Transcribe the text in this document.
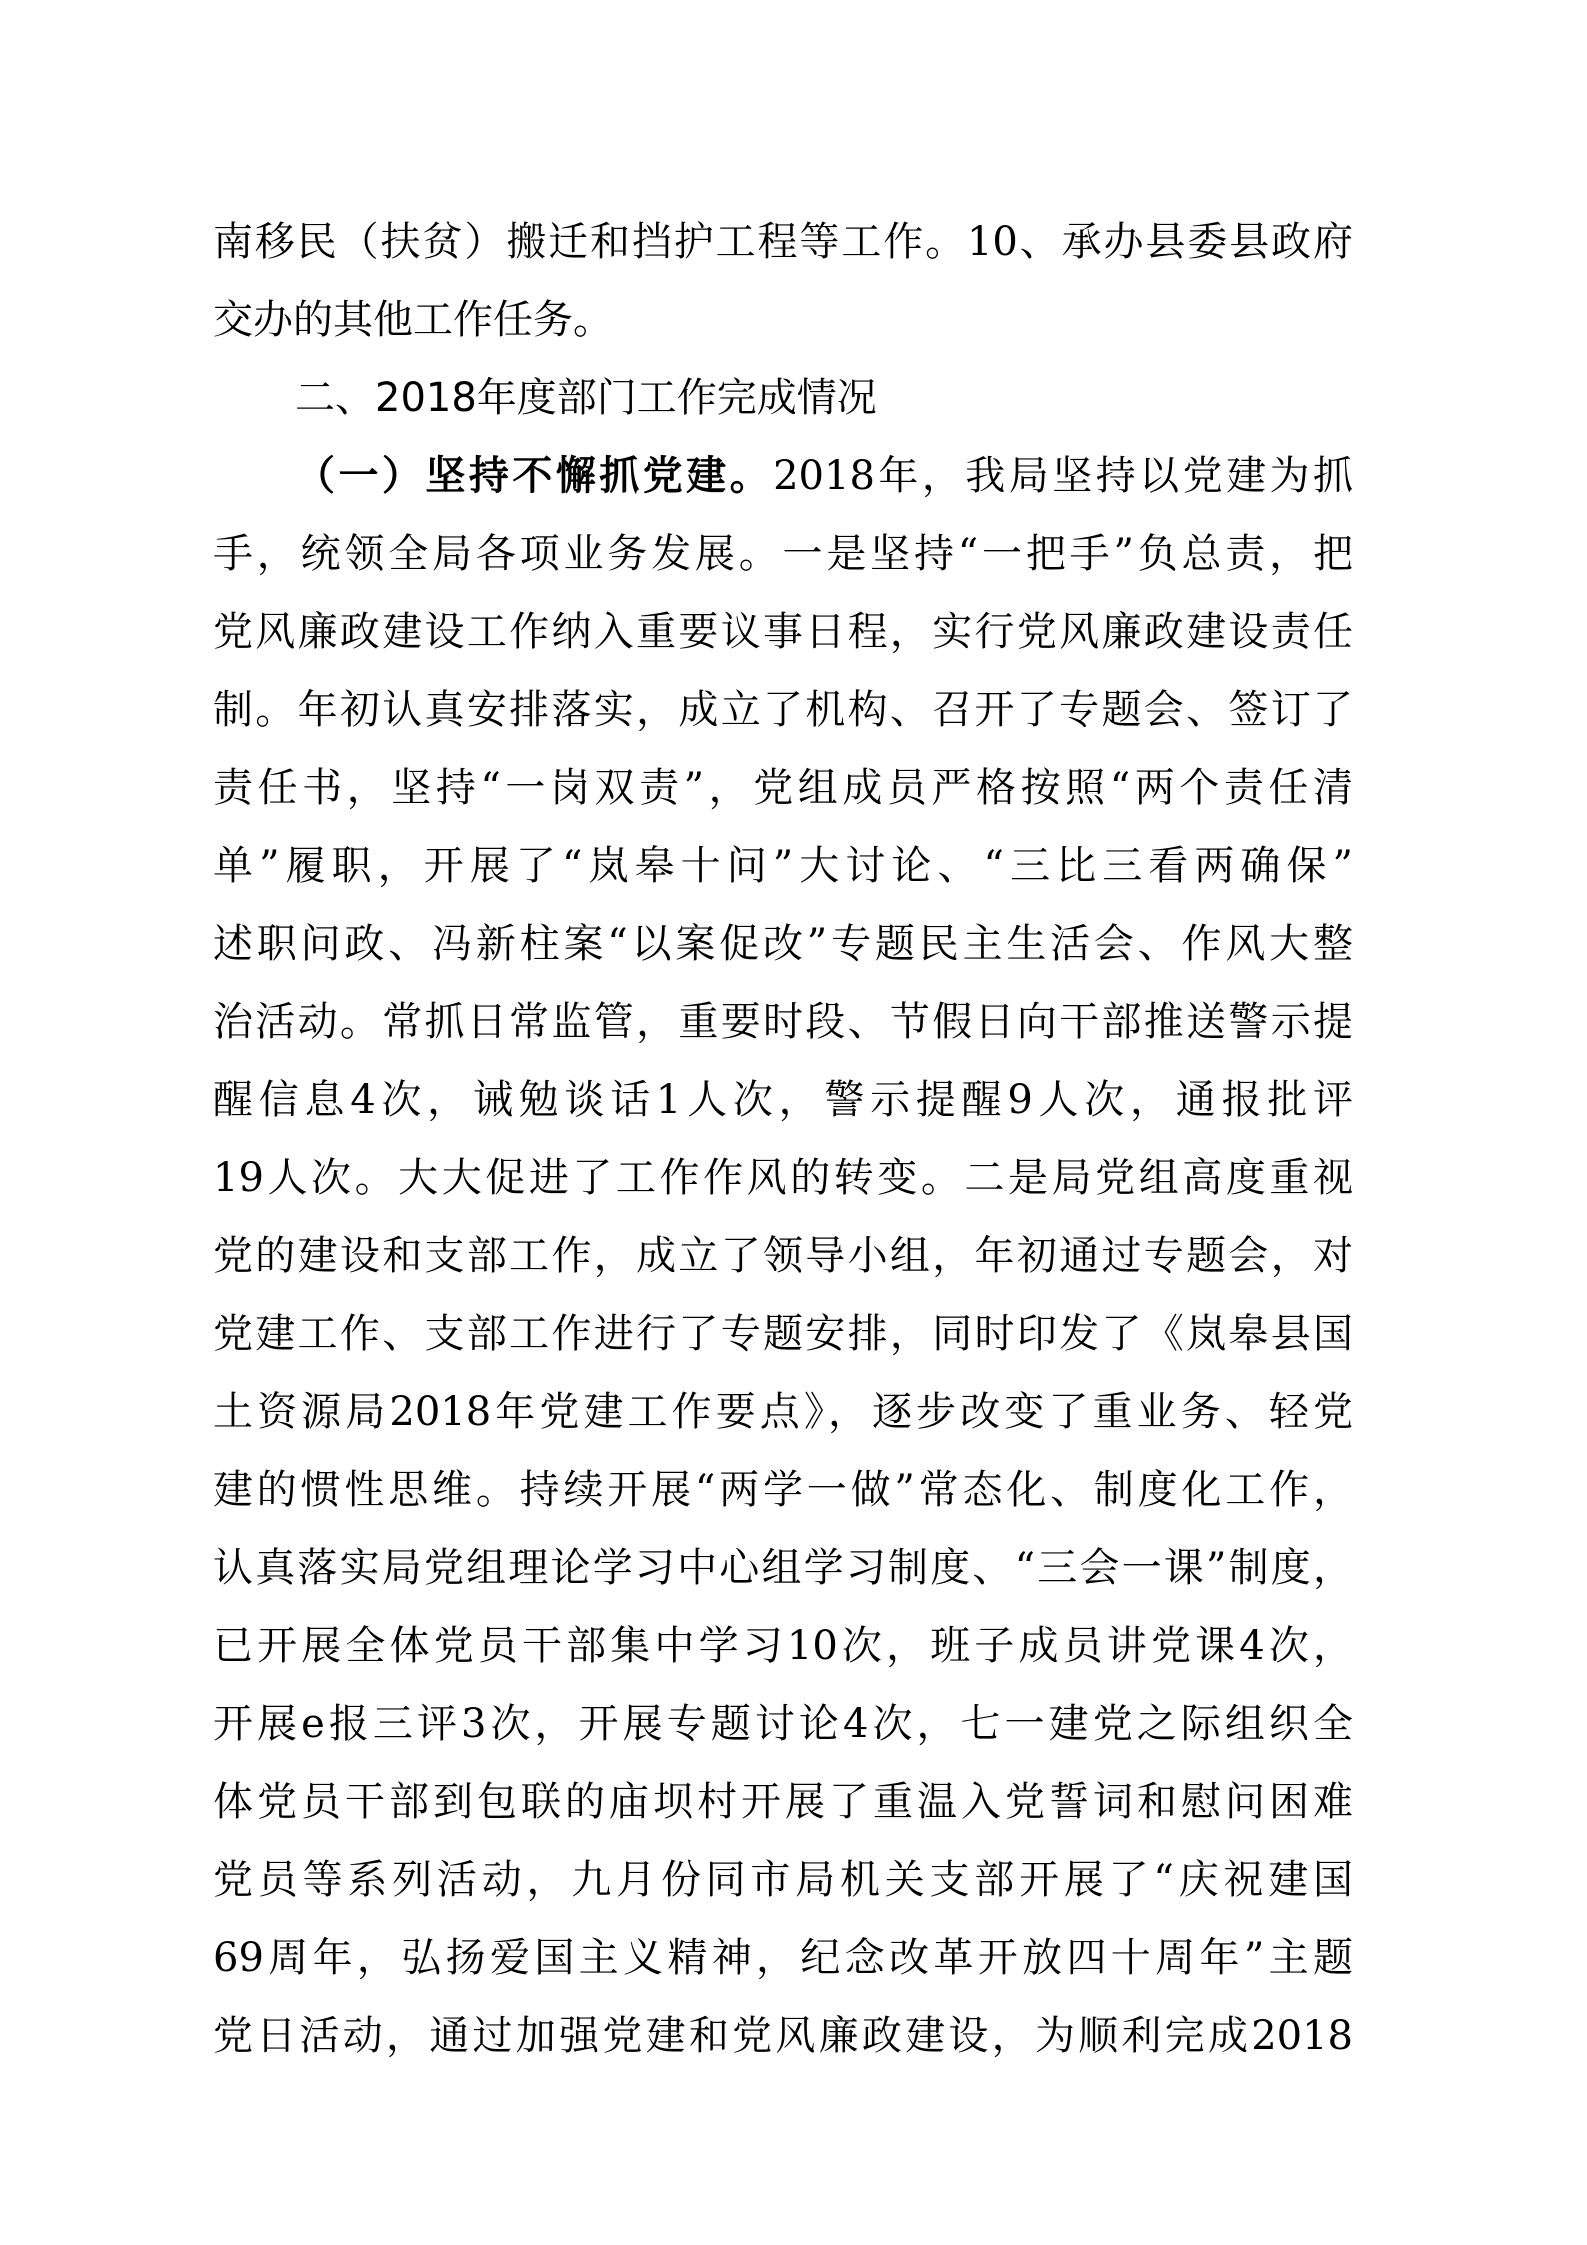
南移民（扶贫）搬迁和挡护工程等工作。10、承办县委县政府
交办的其他工作任务。
二、2018年度部门工作完成情况
（一）坚持不懈抓党建。2018年，我局坚持以党建为抓
手，统领全局各项业务发展。一是坚持“一把手”负总责，把
党风廉政建设工作纳入重要议事日程，实行党风廉政建设责任
制。年初认真安排落实，成立了机构、召开了专题会、签订了
责任书，坚持“一岗双责”，党组成员严格按照“两个责任清
单”履职，开展了“岚皋十问”大讨论、“三比三看两确保”
述职问政、冯新柱案“以案促改”专题民主生活会、作风大整
治活动。常抓日常监管，重要时段、节假日向干部推送警示提
醒信息4次，诫勉谈话1人次，警示提醒9人次，通报批评
19人次。大大促进了工作作风的转变。二是局党组高度重视
党的建设和支部工作，成立了领导小组，年初通过专题会，对
党建工作、支部工作进行了专题安排，同时印发了《岚皋县国
土资源局2018年党建工作要点》，逐步改变了重业务、轻党
建的惯性思维。持续开展“两学一做”常态化、制度化工作，
认真落实局党组理论学习中心组学习制度、“三会一课”制度，
已开展全体党员干部集中学习10次，班子成员讲党课4次，
开展e报三评3次，开展专题讨论4次，七一建党之际组织全
体党员干部到包联的庙坝村开展了重温入党誓词和慰问困难
党员等系列活动，九月份同市局机关支部开展了“庆祝建国
69周年，弘扬爱国主义精神，纪念改革开放四十周年”主题
党日活动，通过加强党建和党风廉政建设，为顺利完成2018
